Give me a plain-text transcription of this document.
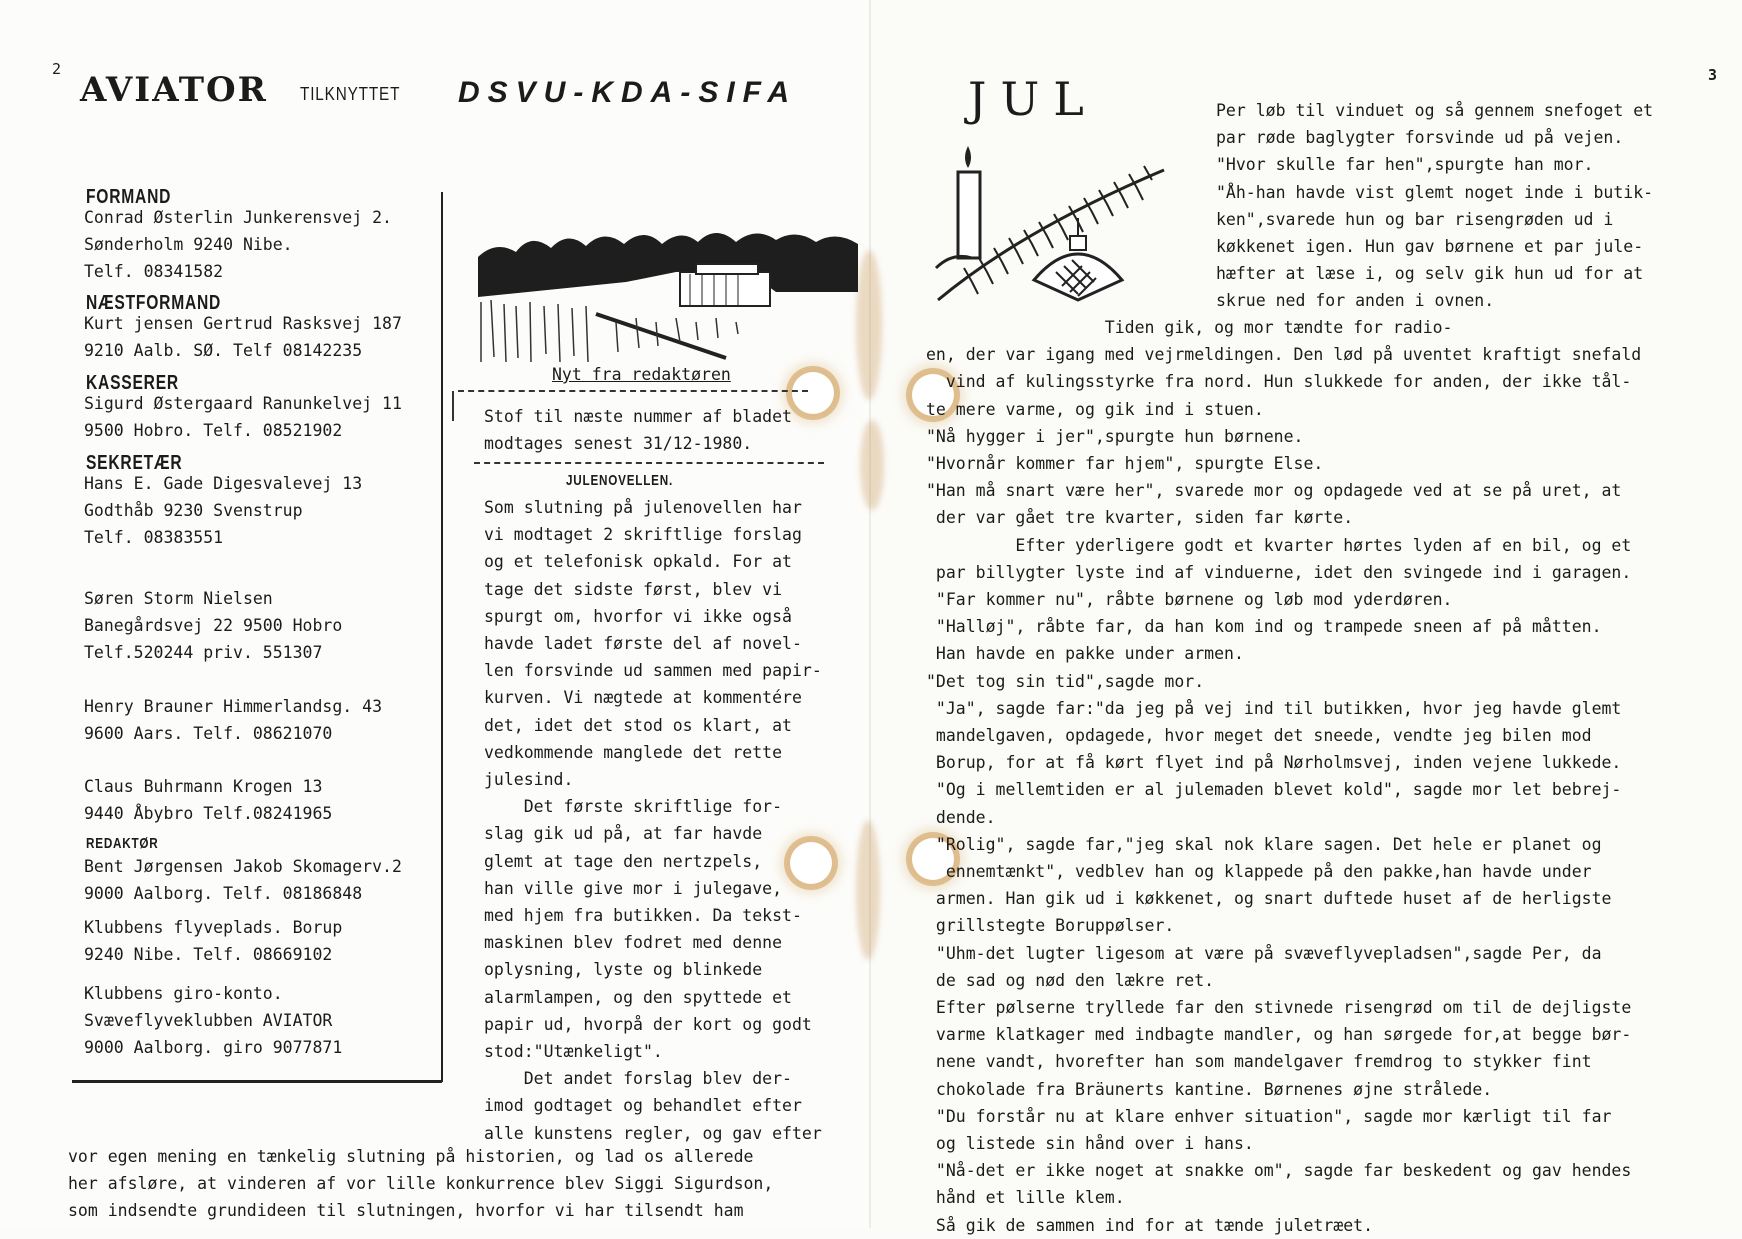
2
AVIATOR TILKNYTTET DSVU-KDA-SIFA
FORMAND
Conrad Østerlin Junkerensvej 2.
Sønderholm 9240 Nibe.
Telf. 08341582
NÆSTFORMAND
Kurt jensen Gertrud Rasksvej 187
9210 Aalb. SØ. Telf 08142235
KASSERER
Sigurd Østergaard Ranunkelvej 11
9500 Hobro. Telf. 08521902
SEKRETÆR
Hans E. Gade Digesvalevej 13
Godthåb 9230 Svenstrup
Telf. 08383551
Søren Storm Nielsen
Banegårdsvej 22 9500 Hobro
Telf.520244 priv. 551307
Henry Brauner Himmerlandsg. 43
9600 Aars. Telf. 08621070
Claus Buhrmann Krogen 13
9440 Åbybro Telf.08241965
REDAKTØR
Bent Jørgensen Jakob Skomagerv.2
9000 Aalborg. Telf. 08186848
Klubbens flyveplads. Borup
9240 Nibe. Telf. 08669102
Klubbens giro-konto.
Svæveflyveklubben AVIATOR
9000 Aalborg. giro 9077871
Nyt fra redaktøren
Stof til næste nummer af bladet
modtages senest 31/12-1980.
JULENOVELLEN.
Som slutning på julenovellen har
vi modtaget 2 skriftlige forslag
og et telefonisk opkald. For at
tage det sidste først, blev vi
spurgt om, hvorfor vi ikke også
havde ladet første del af novel-
len forsvinde ud sammen med papir-
kurven. Vi nægtede at kommentére
det, idet det stod os klart, at
vedkommende manglede det rette
julesind.
Det første skriftlige for-
slag gik ud på, at far havde
glemt at tage den nertzpels,
han ville give mor i julegave,
med hjem fra butikken. Da tekst-
maskinen blev fodret med denne
oplysning, lyste og blinkede
alarmlampen, og den spyttede et
papir ud, hvorpå der kort og godt
stod:"Utænkeligt".
Det andet forslag blev der-
imod godtaget og behandlet efter
alle kunstens regler, og gav efter
vor egen mening en tænkelig slutning på historien, og lad os allerede
her afsløre, at vinderen af vor lille konkurrence blev Siggi Sigurdson,
som indsendte grundideen til slutningen, hvorfor vi har tilsendt ham
3
JUL	Per løb til vinduet og så gennem snefoget et
par røde baglygter forsvinde ud på vejen.
"Hvor skulle far hen",spurgte han mor.
"Åh-han havde vist glemt noget inde i butik-
ken",svarede hun og bar risengrøden ud i
køkkenet igen. Hun gav børnene et par jule-
hæfter at læse i, og selv gik hun ud for at
skrue ned for anden i ovnen.
Tiden gik, og mor tændte for radio-
en, der var igang med vejrmeldingen. Den lød på uventet kraftigt snefald
vind af kulingsstyrke fra nord. Hun slukkede for anden, der ikke tål-
te mere varme, og gik ind i stuen.
"Nå hygger i jer",spurgte hun børnene.
"Hvornår kommer far hjem", spurgte Else.
"Han må snart være her", svarede mor og opdagede ved at se på uret, at
der var gået tre kvarter, siden far kørte.
Efter yderligere godt et kvarter hørtes lyden af en bil, og et
par billygter lyste ind af vinduerne, idet den svingede ind i garagen.
"Far kommer nu", råbte børnene og løb mod yderdøren.
"Halløj", råbte far, da han kom ind og trampede sneen af på måtten.
Han havde en pakke under armen.
"Det tog sin tid",sagde mor.
"Ja", sagde far:"da jeg på vej ind til butikken, hvor jeg havde glemt
mandelgaven, opdagede, hvor meget det sneede, vendte jeg bilen mod
Borup, for at få kørt flyet ind på Nørholmsvej, inden vejene lukkede.
"Og i mellemtiden er al julemaden blevet kold", sagde mor let bebrej-
dende.
"Rolig", sagde far,"jeg skal nok klare sagen. Det hele er planet og
ennemtænkt", vedblev han og klappede på den pakke,han havde under
armen. Han gik ud i køkkenet, og snart duftede huset af de herligste
grillstegte Boruppølser.
"Uhm-det lugter ligesom at være på svæveflyvepladsen",sagde Per, da
de sad og nød den lækre ret.
Efter pølserne tryllede far den stivnede risengrød om til de dejligste
varme klatkager med indbagte mandler, og han sørgede for,at begge bør-
nene vandt, hvorefter han som mandelgaver fremdrog to stykker fint
chokolade fra Bräunerts kantine. Børnenes øjne strålede.
"Du forstår nu at klare enhver situation", sagde mor kærligt til far
og listede sin hånd over i hans.
"Nå-det er ikke noget at snakke om", sagde far beskedent og gav hendes
hånd et lille klem.
Så gik de sammen ind for at tænde juletræet.
